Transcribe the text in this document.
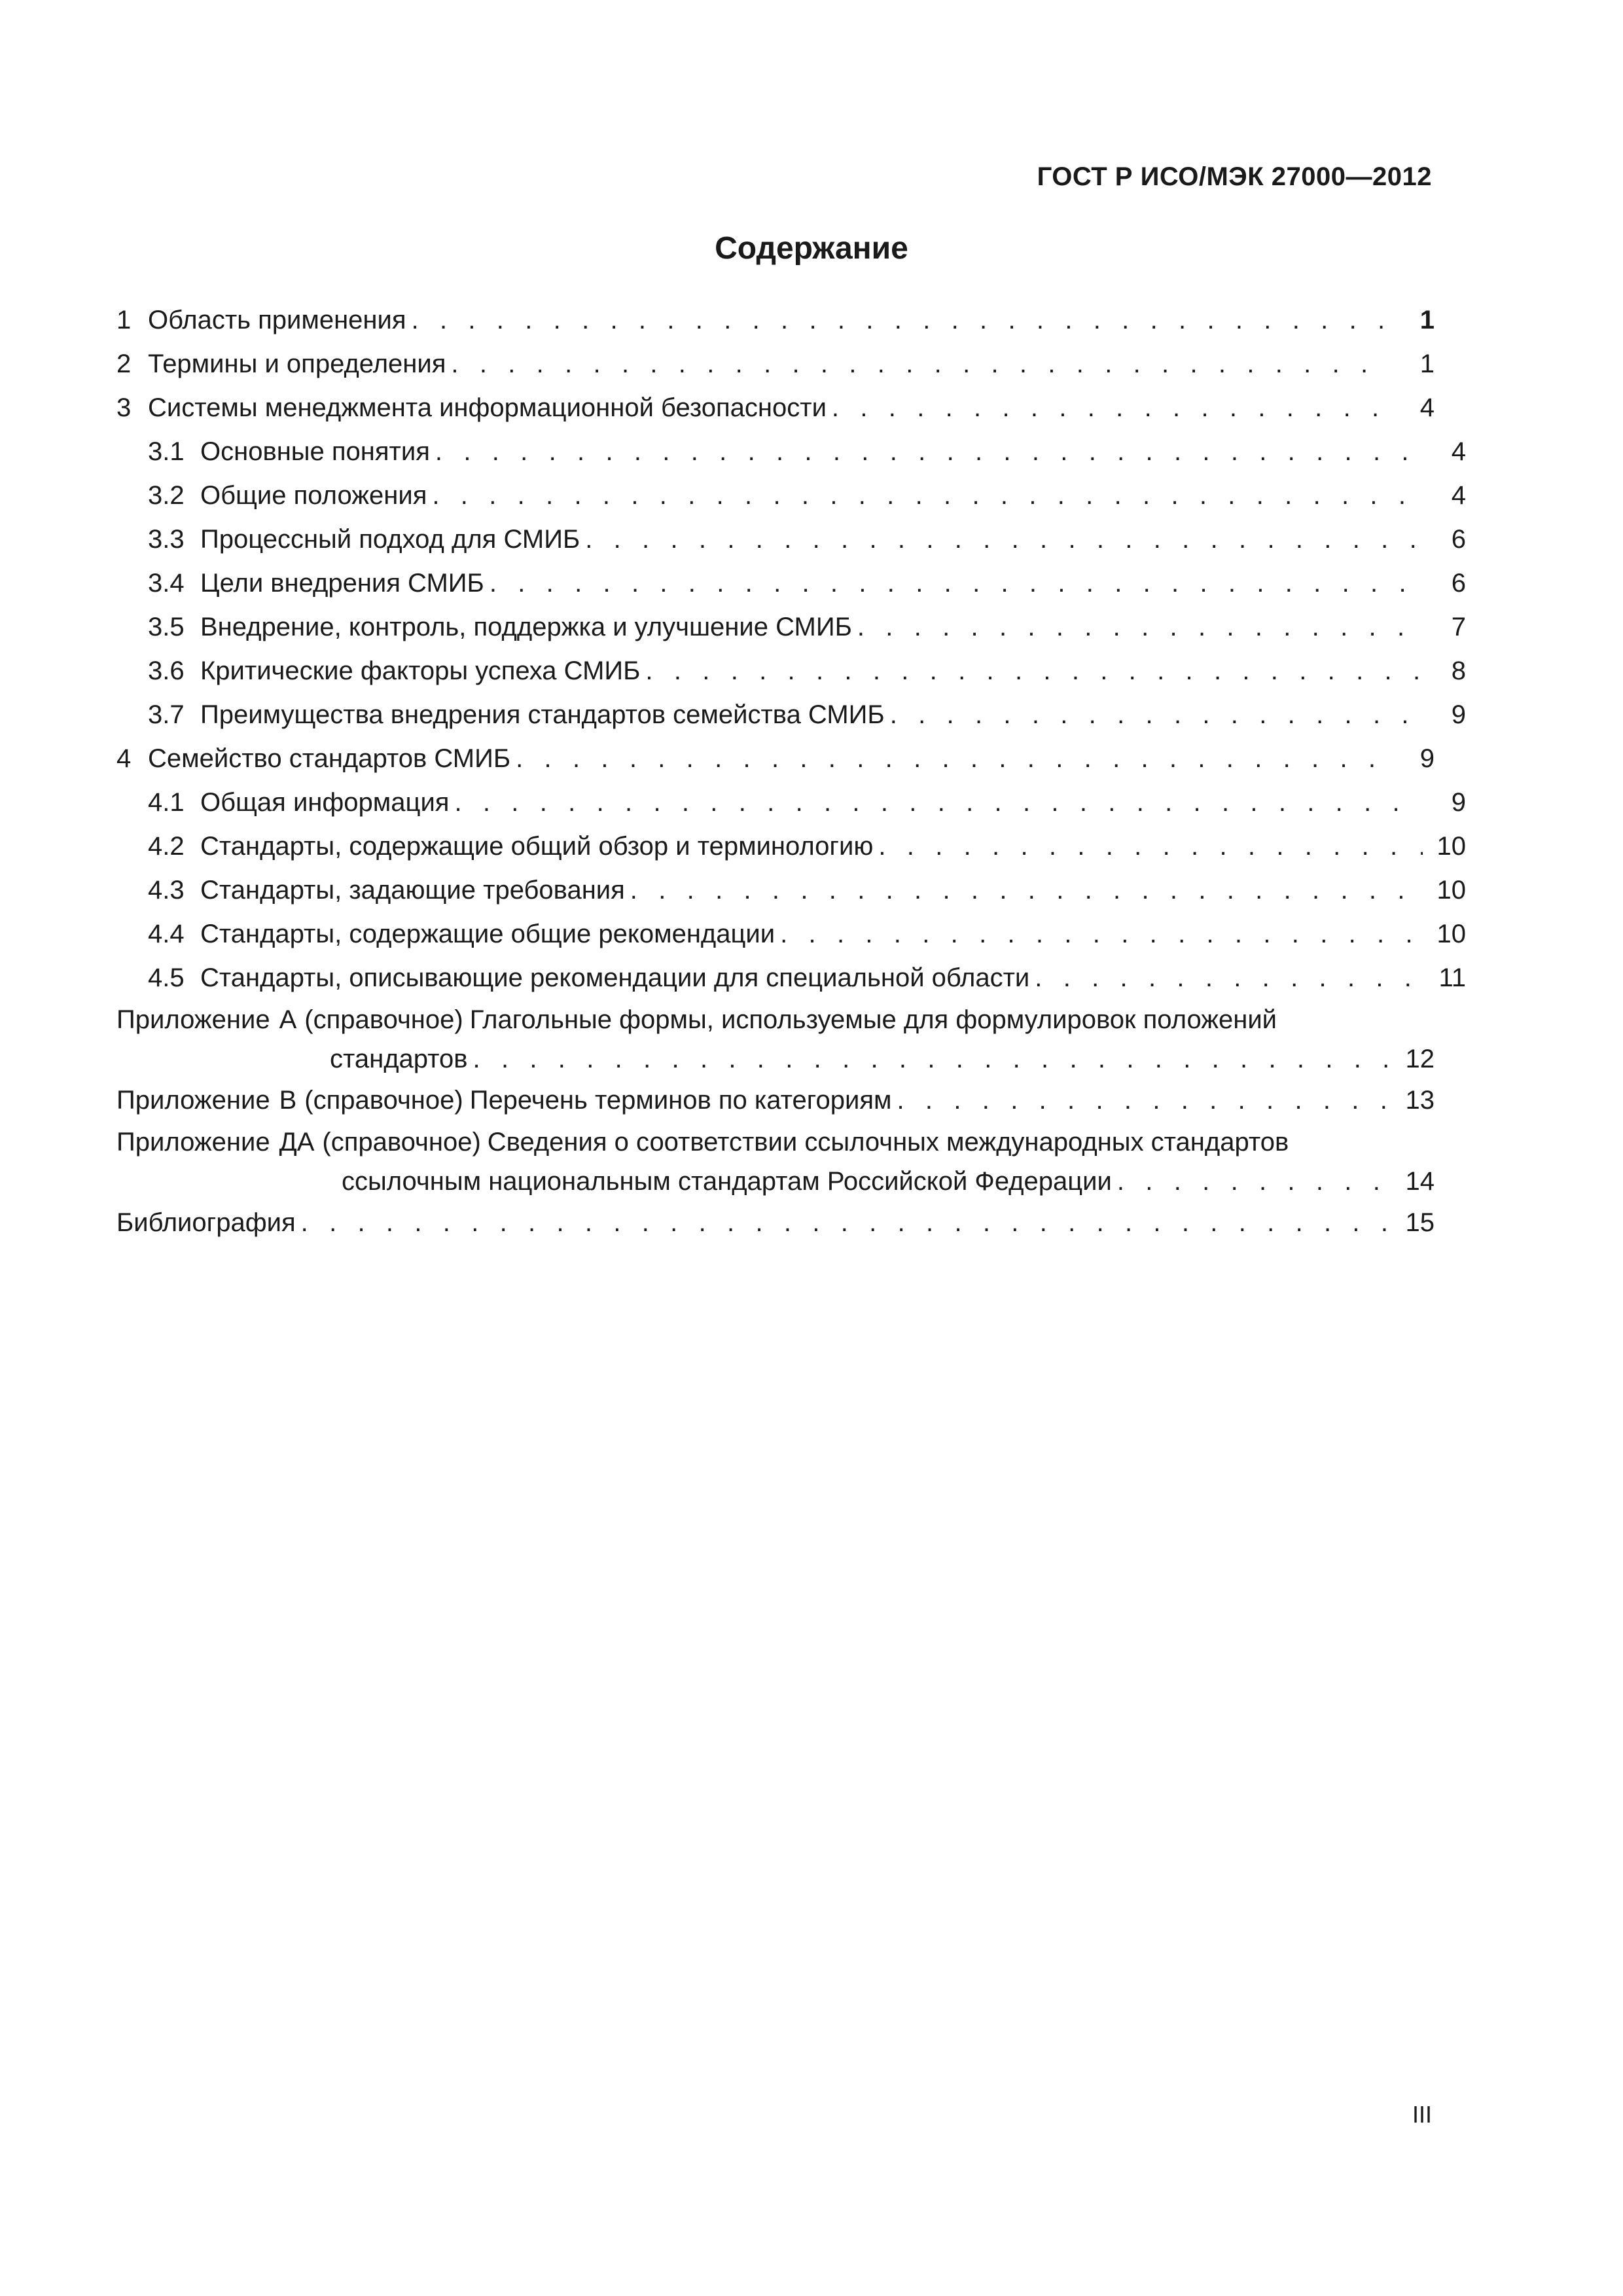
ГОСТ Р ИСО/МЭК 27000—2012
Содержание
1 Область применения . . .	1
2 Термины и определения . . .	1
3 Системы менеджмента информационной безопасности . . .	4
3.1 Основные понятия . . .	4
3.2 Общие положения . . .	4
3.3 Процессный подход для СМИБ . . .	6
3.4 Цели внедрения СМИБ . . .	6
3.5 Внедрение, контроль, поддержка и улучшение СМИБ . . .	7
3.6 Критические факторы успеха СМИБ . . .	8
3.7 Преимущества внедрения стандартов семейства СМИБ . . .	9
4 Семейство стандартов СМИБ . . .	9
4.1 Общая информация . . .	9
4.2 Стандарты, содержащие общий обзор и терминологию . . .	10
4.3 Стандарты, задающие требования . . .	10
4.4 Стандарты, содержащие общие рекомендации . . .	10
4.5 Стандарты, описывающие рекомендации для специальной области . . .	11
Приложение А (справочное) Глагольные формы, используемые для формулировок положений
стандартов . . .	12
Приложение В (справочное) Перечень терминов по категориям . . .	13
Приложение ДА (справочное) Сведения о соответствии ссылочных международных стандартов
ссылочным национальным стандартам Российской Федерации . . .	14
Библиография . . .	15
III
